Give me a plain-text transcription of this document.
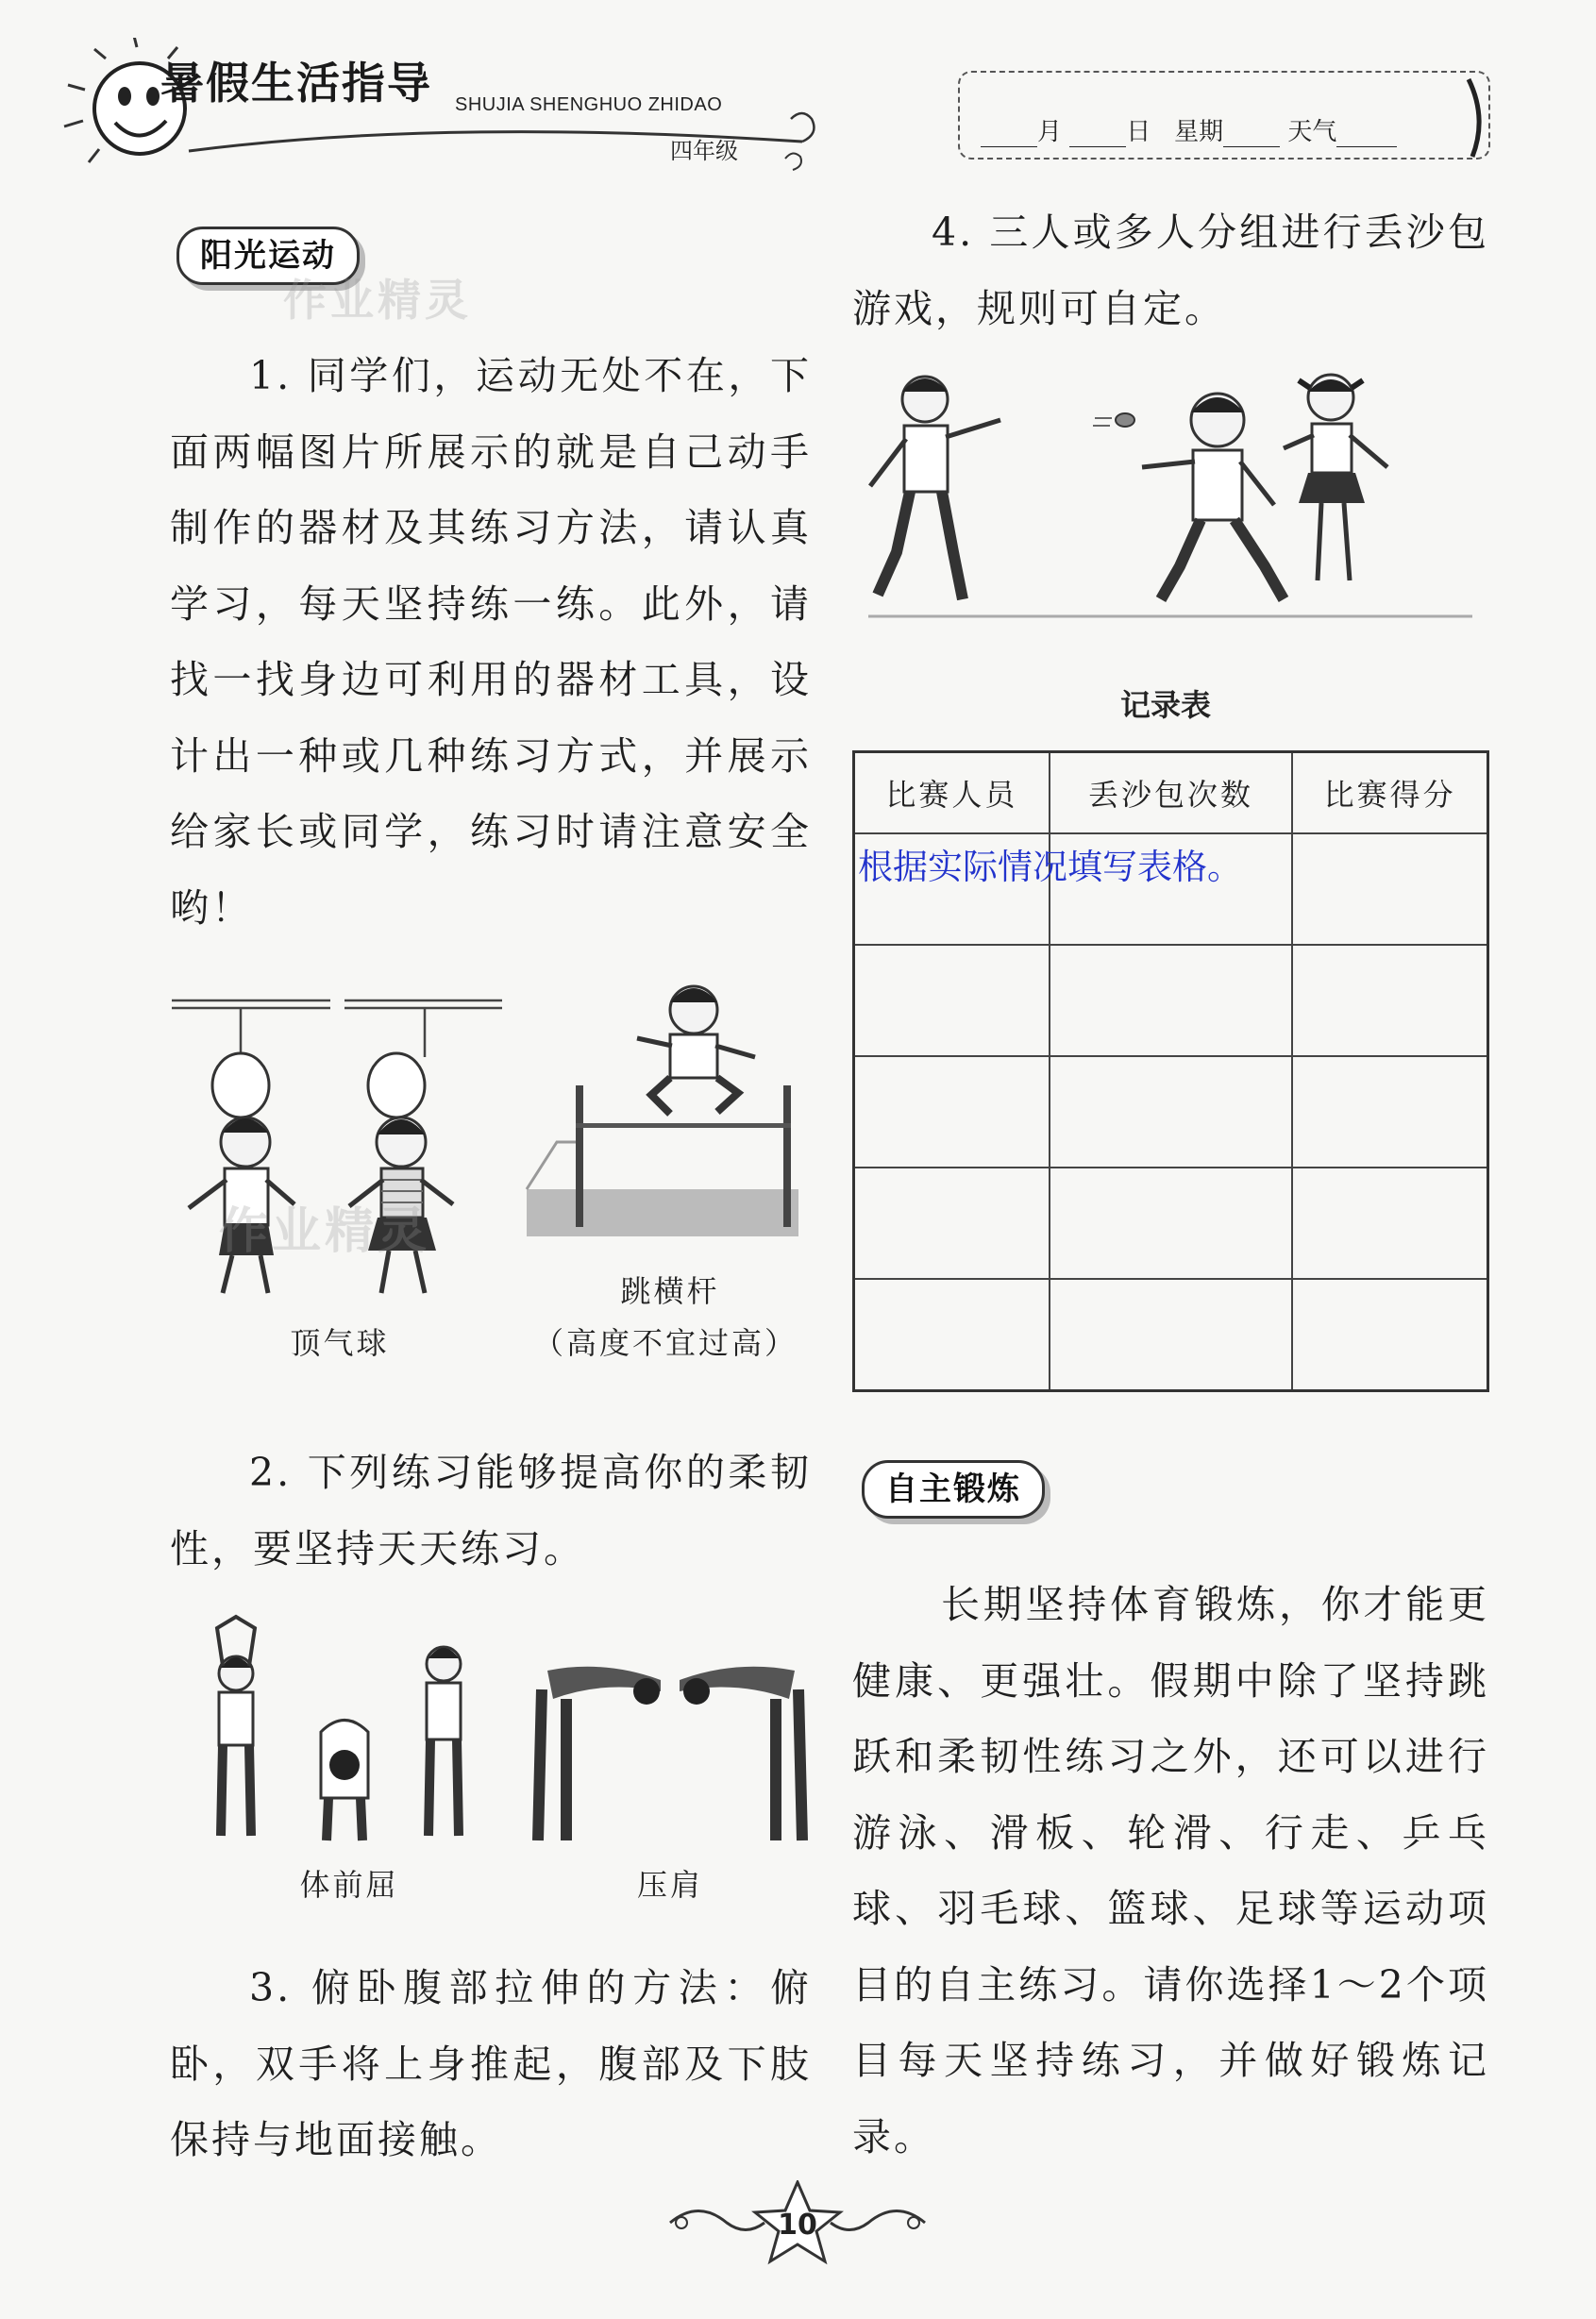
暑假生活指导 SHUJIA SHENGHUO ZHIDAO
四年级
月	日 星期	天气
阳光运动
作业精灵

1. 同学们，运动无处不在，下面两幅图片所展示的就是自己动手制作的器材及其练习方法，请认真学习，每天坚持练一练。此外，请找一找身边可利用的器材工具，设计出一种或几种练习方式，并展示给家长或同学，练习时请注意安全哟！

作业精灵
顶气球
跳横杆
（高度不宜过高）

2. 下列练习能够提高你的柔韧性，要坚持天天练习。

体前屈	压肩

3. 俯卧腹部拉伸的方法：俯卧，双手将上身推起，腹部及下肢保持与地面接触。

4. 三人或多人分组进行丢沙包游戏，规则可自定。

记录表
比赛人员	丢沙包次数	比赛得分

根据实际情况填写表格。
自主锻炼

长期坚持体育锻炼，你才能更健康、更强壮。假期中除了坚持跳跃和柔韧性练习之外，还可以进行游泳、滑板、轮滑、行走、乒乓球、羽毛球、篮球、足球等运动项目的自主练习。请你选择1～2个项目每天坚持练习，并做好锻炼记录。

10
